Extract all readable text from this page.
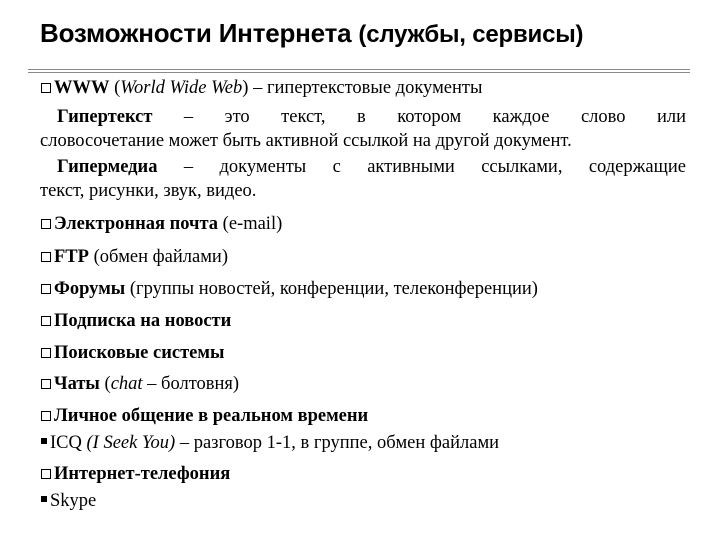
Возможности Интернета (службы, сервисы)
WWW (World Wide Web) – гипертекстовые документы
Гипертекст – это текст, в котором каждое слово или
словосочетание может быть активной ссылкой на другой документ.
Гипермедиа – документы с активными ссылками, содержащие
текст, рисунки, звук, видео.
Электронная почта (e-mail)
FTP (обмен файлами)
Форумы (группы новостей, конференции, телеконференции)
Подписка на новости
Поисковые системы
Чаты (chat – болтовня)
Личное общение в реальном времени
ICQ (I Seek You) – разговор 1-1, в группе, обмен файлами
Интернет-телефония
Skype
